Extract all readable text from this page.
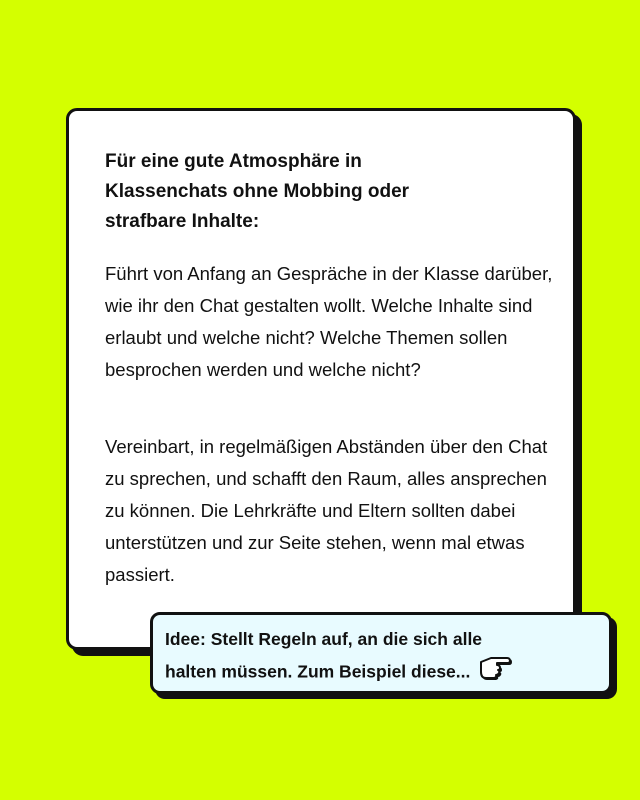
Für eine gute Atmosphäre in Klassenchats ohne Mobbing oder strafbare Inhalte:

Führt von Anfang an Gespräche in der Klasse darüber, wie ihr den Chat gestalten wollt. Welche Inhalte sind erlaubt und welche nicht? Welche Themen sollen besprochen werden und welche nicht?

Vereinbart, in regelmäßigen Abständen über den Chat zu sprechen, und schafft den Raum, alles ansprechen zu können. Die Lehrkräfte und Eltern sollten dabei unterstützen und zur Seite stehen, wenn mal etwas passiert.

Idee: Stellt Regeln auf, an die sich alle
halten müssen. Zum Beispiel diese...
